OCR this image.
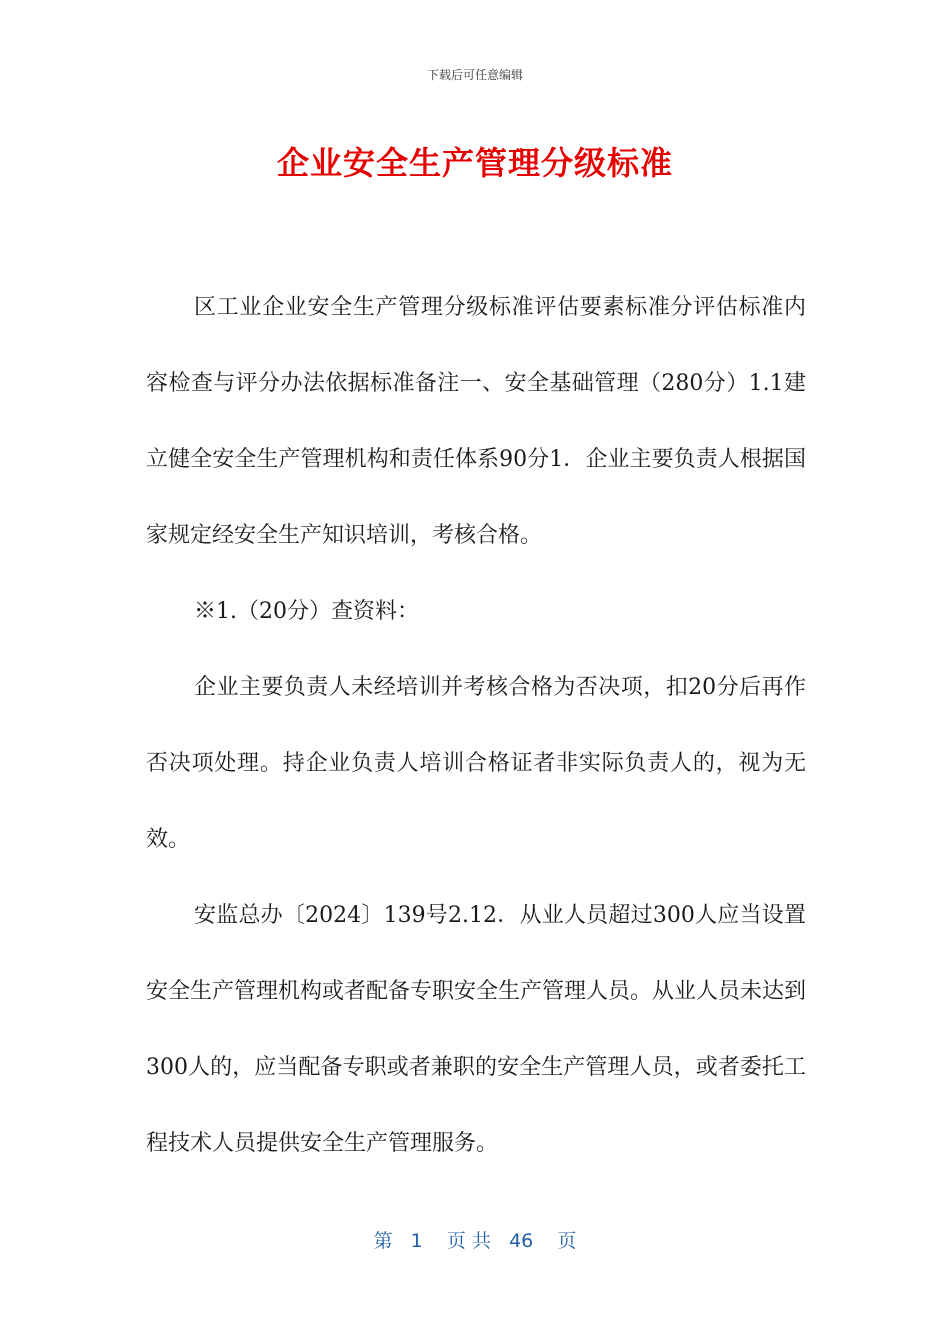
下载后可任意编辑
企业安全生产管理分级标准

区工业企业安全生产管理分级标准评估要素标准分评估标准内容检查与评分办法依据标准备注一、安全基础管理（280分）1.1建立健全安全生产管理机构和责任体系90分1．企业主要负责人根据国家规定经安全生产知识培训，考核合格。

※1.（20分）查资料：

企业主要负责人未经培训并考核合格为否决项，扣20分后再作否决项处理。持企业负责人培训合格证者非实际负责人的，视为无效。

安监总办〔2024〕139号2.12．从业人员超过300人应当设置安全生产管理机构或者配备专职安全生产管理人员。从业人员未达到300人的，应当配备专职或者兼职的安全生产管理人员，或者委托工程技术人员提供安全生产管理服务。

第   1    页 共   46    页
